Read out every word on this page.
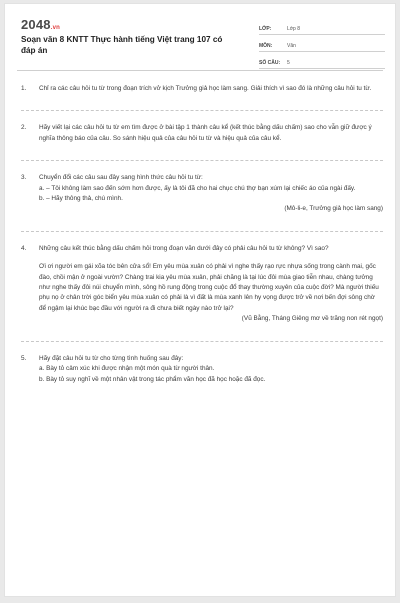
2048.vn
Soạn văn 8 KNTT Thực hành tiếng Việt trang 107 có đáp án
LỚP:	Lớp 8
MÔN:	Văn
SỐ CÂU:	5
1.	Chỉ ra các câu hỏi tu từ trong đoạn trích vở kịch Trưởng giả học làm sang. Giải thích vì sao đó là những câu hỏi tu từ.

2.	Hãy viết lại các câu hỏi tu từ em tìm được ở bài tập 1 thành câu kể (kết thúc bằng dấu chấm) sao cho vẫn giữ được ý nghĩa thông báo của câu. So sánh hiệu quả của câu hỏi tu từ và hiệu quả của câu kể.

3.	Chuyển đổi các câu sau đây sang hình thức câu hỏi tu từ:

a. – Tôi không làm sao đến sớm hơn được, ấy là tôi đã cho hai chục chú thợ bạn xúm lại chiếc áo của ngài đấy.

b. – Hãy thông thả, chú mình.

(Mô-li-e, Trưởng giả học làm sang)

4.	Những câu kết thúc bằng dấu chấm hỏi trong đoạn văn dưới đây có phải câu hỏi tu từ không? Vì sao?

Ơi ơi người em gái xõa tóc bên cửa sổ! Em yêu mùa xuân có phải vì nghe thấy rạo rực nhựa sống trong cành mai, gốc đào, chồi mận ở ngoài vườn? Chàng trai kia yêu mùa xuân, phải chăng là tại lúc đôi mùa giao tiễn nhau, chàng tưởng như nghe thấy đôi núi chuyển mình, sông hồ rung động trong cuộc đổ thay thường xuyên của cuộc đời? Mà người thiếu phụ nọ ở chân trời góc biển yêu mùa xuân có phải là vì đất là mùa xanh lên hy vọng được trở về nơi bến đợi sông chờ để ngậm lại khúc bạc đầu với người ra đi chưa biết ngày nào trở lại?

(Vũ Bằng, Tháng Giêng mơ về trăng non rét ngọt)

5.	Hãy đặt câu hỏi tu từ cho từng tình huống sau đây:

a. Bày tỏ cảm xúc khi được nhận một món quà từ người thân.

b. Bày tỏ suy nghĩ về một nhân vật trong tác phẩm văn học đã học hoặc đã đọc.
